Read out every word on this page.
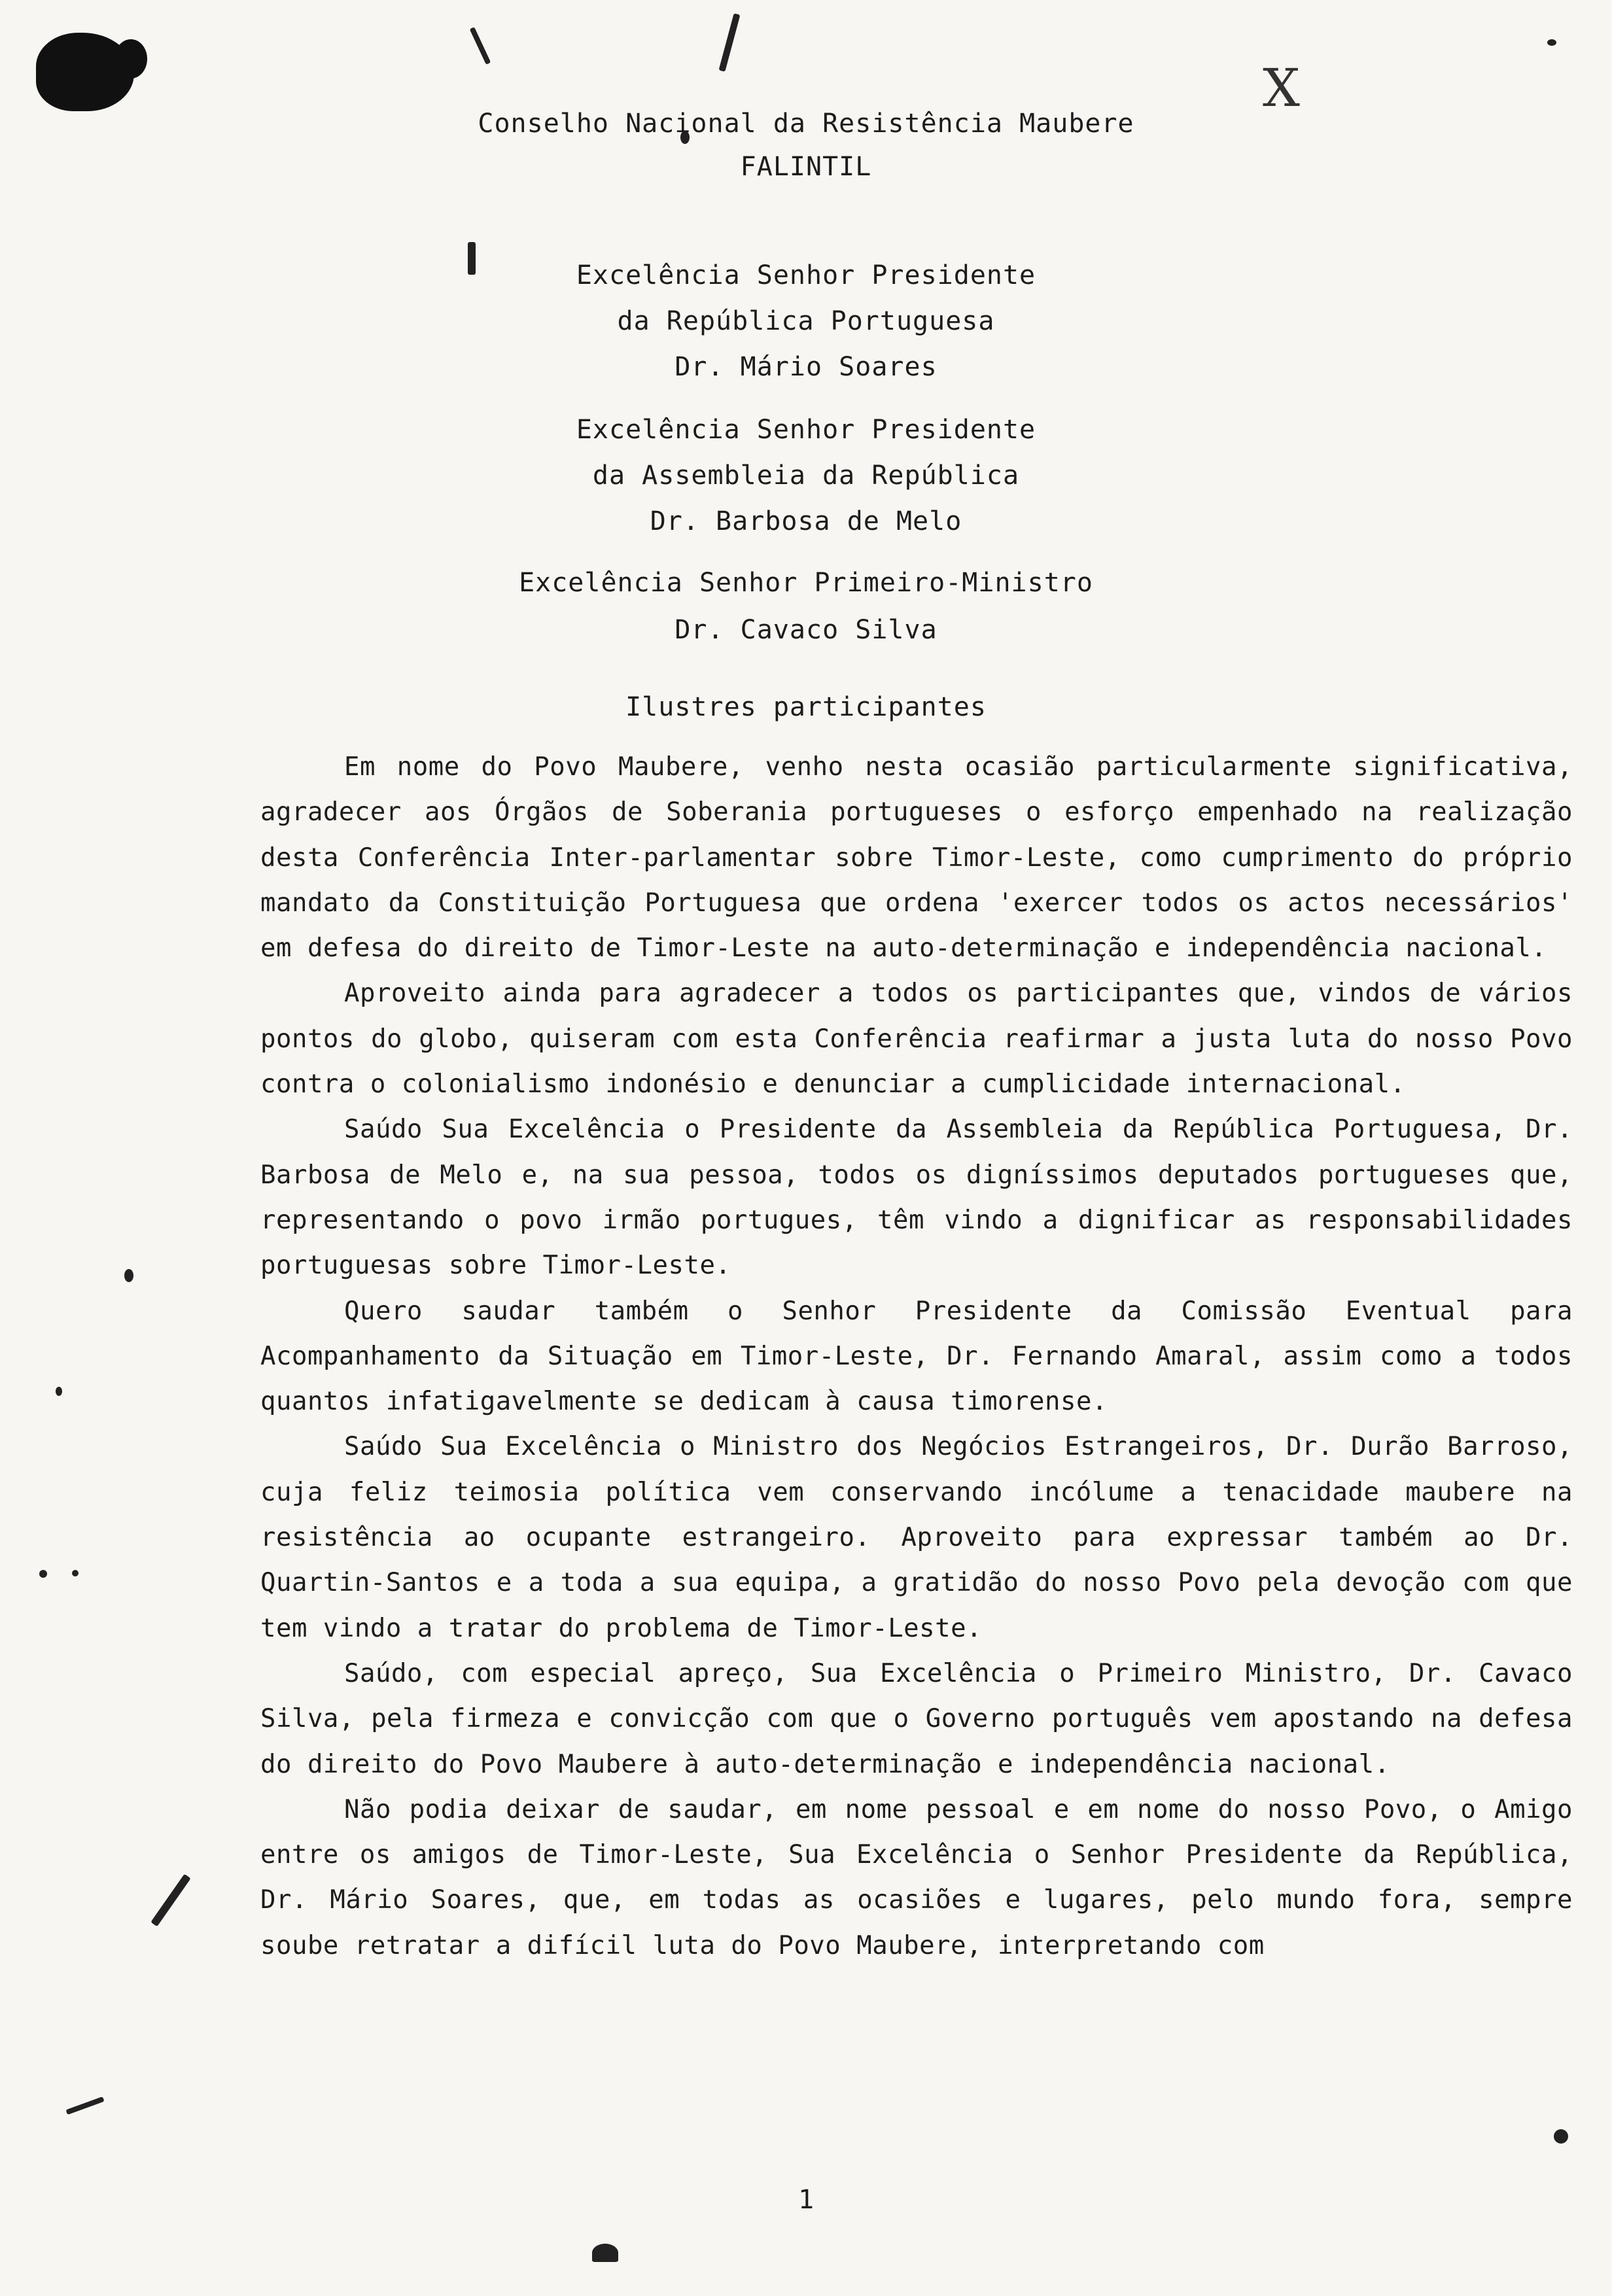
X
Conselho Nacional da Resistência Maubere
FALINTIL
Excelência Senhor Presidente
da República Portuguesa
Dr. Mário Soares
Excelência Senhor Presidente
da Assembleia da República
Dr. Barbosa de Melo
Excelência Senhor Primeiro-Ministro
Dr. Cavaco Silva
Ilustres participantes

Em nome do Povo Maubere, venho nesta ocasião particularmente significativa, agradecer aos Órgãos de Soberania portugueses o esforço empenhado na realização desta Conferência Inter-parlamentar sobre Timor-Leste, como cumprimento do próprio mandato da Constituição Portuguesa que ordena 'exercer todos os actos necessários' em defesa do direito de Timor-Leste na auto-determinação e independência nacional.

Aproveito ainda para agradecer a todos os participantes que, vindos de vários pontos do globo, quiseram com esta Conferência reafirmar a justa luta do nosso Povo contra o colonialismo indonésio e denunciar a cumplicidade internacional.

Saúdo Sua Excelência o Presidente da Assembleia da República Portuguesa, Dr. Barbosa de Melo e, na sua pessoa, todos os digníssimos deputados portugueses que, representando o povo irmão portugues, têm vindo a dignificar as responsabilidades portuguesas sobre Timor-Leste.

Quero saudar também o Senhor Presidente da Comissão Eventual para Acompanhamento da Situação em Timor-Leste, Dr. Fernando Amaral, assim como a todos quantos infatigavelmente se dedicam à causa timorense.

Saúdo Sua Excelência o Ministro dos Negócios Estrangeiros, Dr. Durão Barroso, cuja feliz teimosia política vem conservando incólume a tenacidade maubere na resistência ao ocupante estrangeiro. Aproveito para expressar também ao Dr. Quartin-Santos e a toda a sua equipa, a gratidão do nosso Povo pela devoção com que tem vindo a tratar do problema de Timor-Leste.

Saúdo, com especial apreço, Sua Excelência o Primeiro Ministro, Dr. Cavaco Silva, pela firmeza e convicção com que o Governo português vem apostando na defesa do direito do Povo Maubere à auto-determinação e independência nacional.

Não podia deixar de saudar, em nome pessoal e em nome do nosso Povo, o Amigo entre os amigos de Timor-Leste, Sua Excelência o Senhor Presidente da República, Dr. Mário Soares, que, em todas as ocasiões e lugares, pelo mundo fora, sempre soube retratar a difícil luta do Povo Maubere, interpretando com

1
